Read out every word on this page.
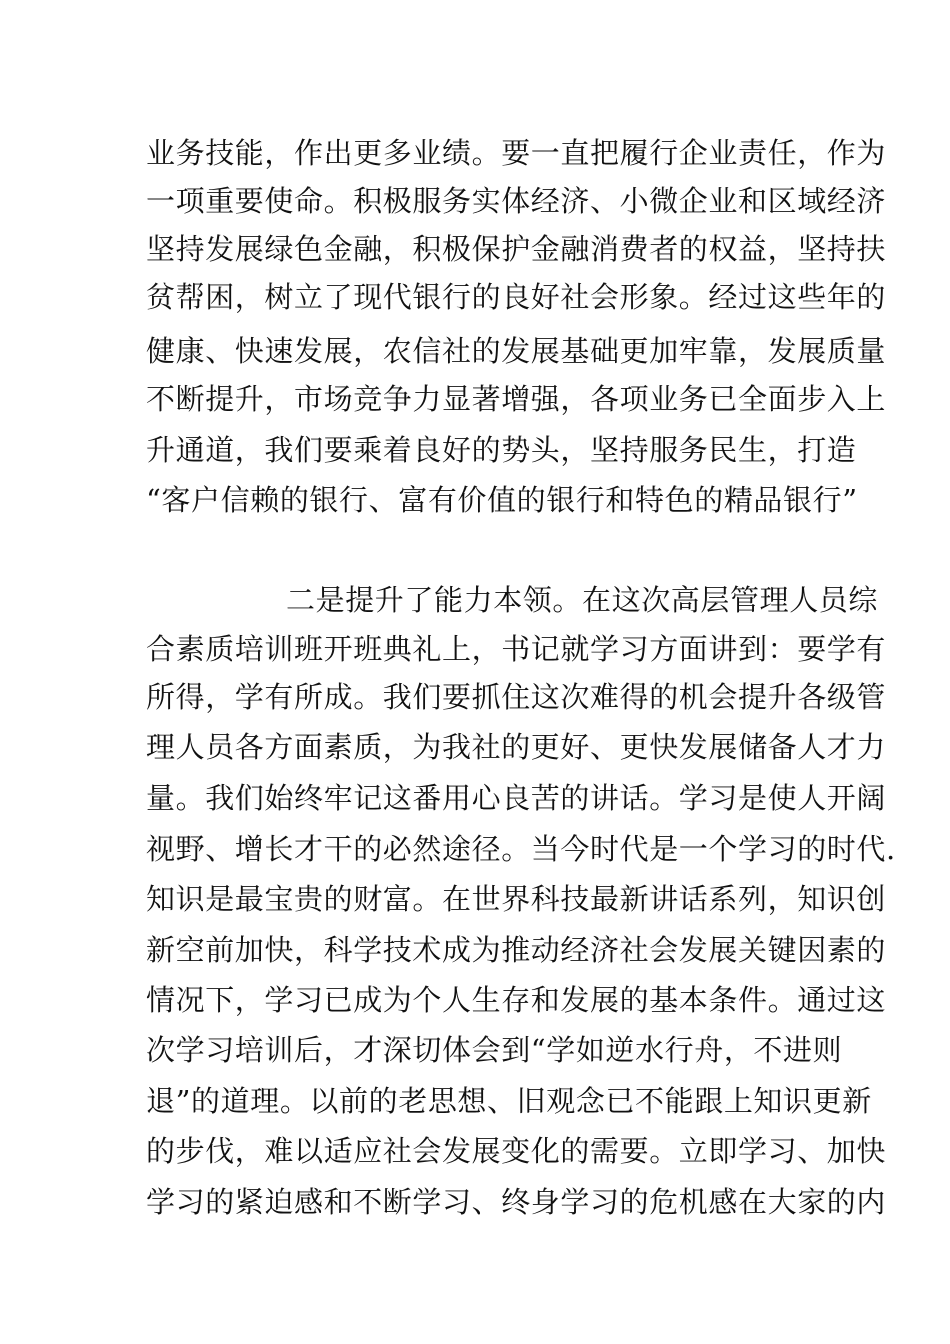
业务技能，作出更多业绩。要一直把履行企业责任，作为
一项重要使命。积极服务实体经济、小微企业和区域经济
坚持发展绿色金融，积极保护金融消费者的权益，坚持扶
贫帮困，树立了现代银行的良好社会形象。经过这些年的
健康、快速发展，农信社的发展基础更加牢靠，发展质量
不断提升，市场竞争力显著增强，各项业务已全面步入上
升通道，我们要乘着良好的势头，坚持服务民生，打造
“客户信赖的银行、富有价值的银行和特色的精品银行”
二是提升了能力本领。在这次高层管理人员综
合素质培训班开班典礼上，书记就学习方面讲到：要学有
所得，学有所成。我们要抓住这次难得的机会提升各级管
理人员各方面素质，为我社的更好、更快发展储备人才力
量。我们始终牢记这番用心良苦的讲话。学习是使人开阔
视野、增长才干的必然途径。当今时代是一个学习的时代.
知识是最宝贵的财富。在世界科技最新讲话系列，知识创
新空前加快，科学技术成为推动经济社会发展关键因素的
情况下，学习已成为个人生存和发展的基本条件。通过这
次学习培训后，才深切体会到“学如逆水行舟，不进则
退”的道理。以前的老思想、旧观念已不能跟上知识更新
的步伐，难以适应社会发展变化的需要。立即学习、加快
学习的紧迫感和不断学习、终身学习的危机感在大家的内
